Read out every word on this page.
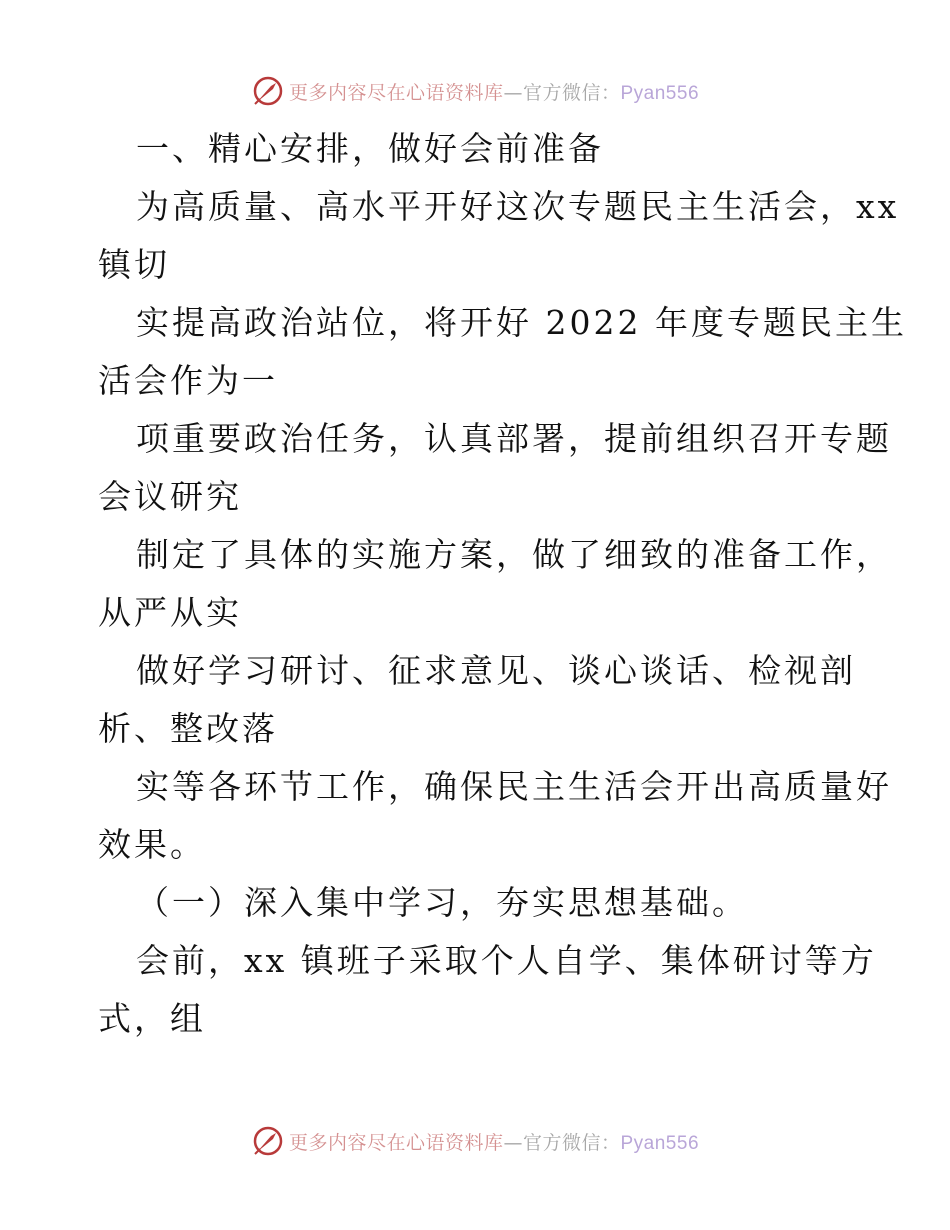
更多内容尽在心语资料库—官方微信：Pyan556
一、精心安排，做好会前准备
为高质量、高水平开好这次专题民主生活会，xx
镇切
实提高政治站位，将开好 2022 年度专题民主生
活会作为一
项重要政治任务，认真部署，提前组织召开专题
会议研究
制定了具体的实施方案，做了细致的准备工作，
从严从实
做好学习研讨、征求意见、谈心谈话、检视剖
析、整改落
实等各环节工作，确保民主生活会开出高质量好
效果。
（一）深入集中学习，夯实思想基础。
会前，xx 镇班子采取个人自学、集体研讨等方
式，组
更多内容尽在心语资料库—官方微信：Pyan556
